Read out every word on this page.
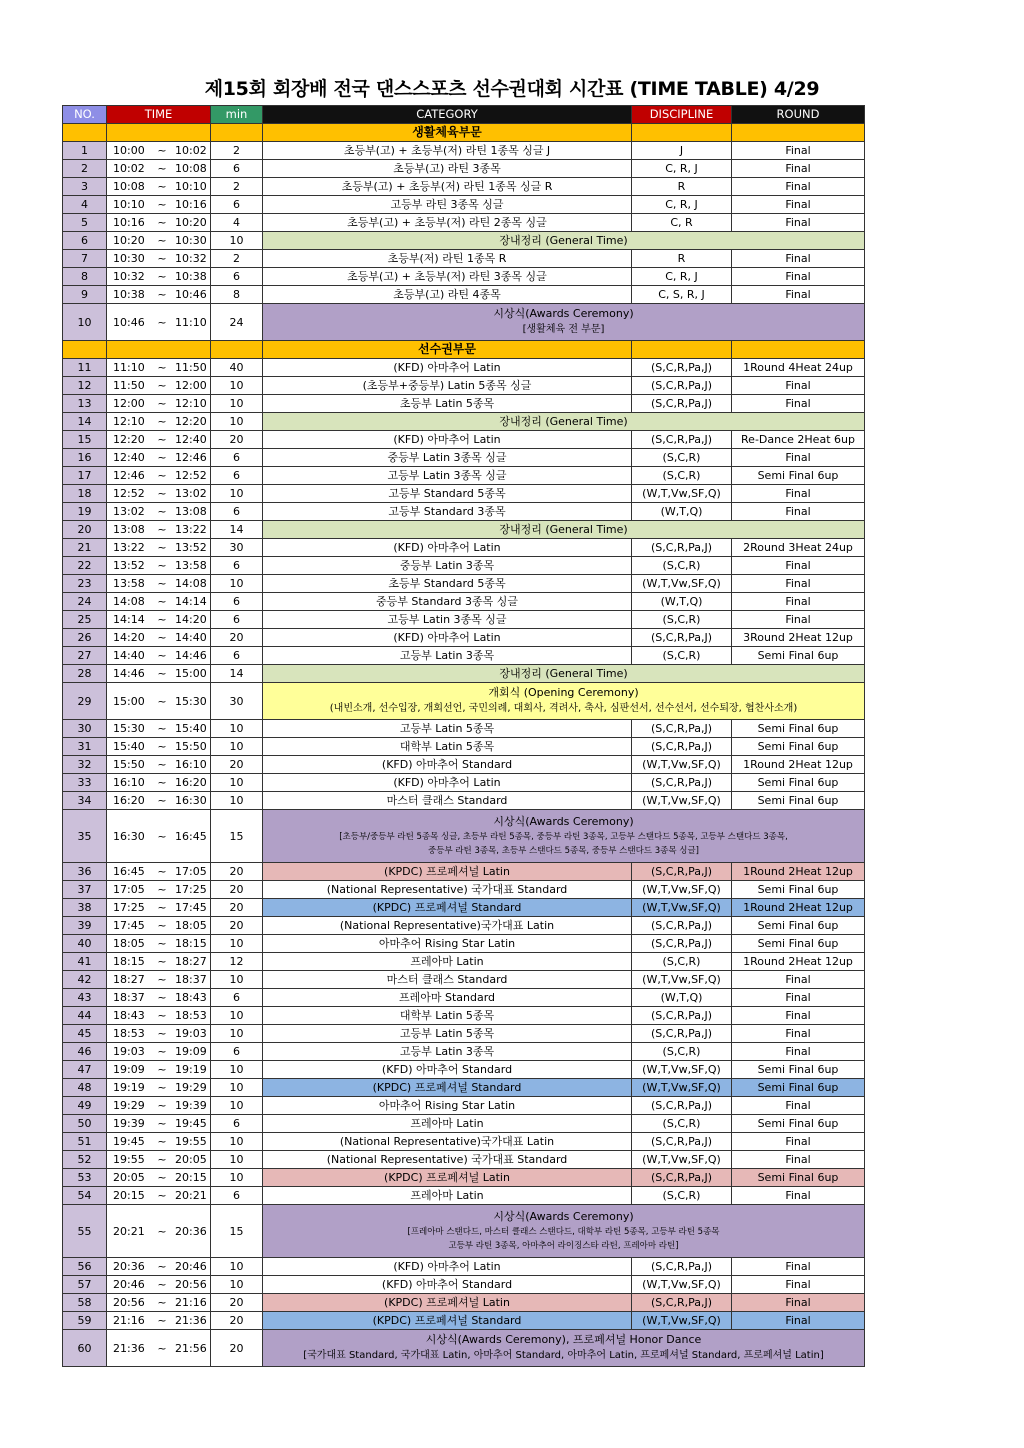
제15회 회장배 전국 댄스스포츠 선수권대회 시간표 (TIME TABLE) 4/29
NO.	TIME	min	CATEGORY	DISCIPLINE	ROUND
			생활체육부문		
1	10:00 ~ 10:02	2	초등부(고) + 초등부(저) 라틴 1종목 싱글 J	J	Final
2	10:02 ~ 10:08	6	초등부(고) 라틴 3종목	C, R, J	Final
3	10:08 ~ 10:10	2	초등부(고) + 초등부(저) 라틴 1종목 싱글 R	R	Final
4	10:10 ~ 10:16	6	고등부 라틴 3종목 싱글	C, R, J	Final
5	10:16 ~ 10:20	4	초등부(고) + 초등부(저) 라틴 2종목 싱글	C, R	Final
6	10:20 ~ 10:30	10	장내정리 (General Time)		

7	10:30 ~ 10:32	2	초등부(저) 라틴 1종목 R	R	Final
8	10:32 ~ 10:38	6	초등부(고) + 초등부(저) 라틴 3종목 싱글	C, R, J	Final
9	10:38 ~ 10:46	8	초등부(고) 라틴 4종목	C, S, R, J	Final
10	10:46 ~ 11:10	24	시상식(Awards Ceremony)
[생활체육 전 부문]		

			선수권부문		
11	11:10 ~ 11:50	40	(KFD) 아마추어 Latin	(S,C,R,Pa,J)	1Round 4Heat 24up
12	11:50 ~ 12:00	10	(초등부+중등부) Latin 5종목 싱글	(S,C,R,Pa,J)	Final
13	12:00 ~ 12:10	10	초등부 Latin 5종목	(S,C,R,Pa,J)	Final
14	12:10 ~ 12:20	10	장내정리 (General Time)		

15	12:20 ~ 12:40	20	(KFD) 아마추어 Latin	(S,C,R,Pa,J)	Re-Dance 2Heat 6up
16	12:40 ~ 12:46	6	중등부 Latin 3종목 싱글	(S,C,R)	Final
17	12:46 ~ 12:52	6	고등부 Latin 3종목 싱글	(S,C,R)	Semi Final 6up
18	12:52 ~ 13:02	10	고등부 Standard 5종목	(W,T,Vw,SF,Q)	Final
19	13:02 ~ 13:08	6	고등부 Standard 3종목	(W,T,Q)	Final
20	13:08 ~ 13:22	14	장내정리 (General Time)		

21	13:22 ~ 13:52	30	(KFD) 아마추어 Latin	(S,C,R,Pa,J)	2Round 3Heat 24up
22	13:52 ~ 13:58	6	중등부 Latin 3종목	(S,C,R)	Final
23	13:58 ~ 14:08	10	초등부 Standard 5종목	(W,T,Vw,SF,Q)	Final
24	14:08 ~ 14:14	6	중등부 Standard 3종목 싱글	(W,T,Q)	Final
25	14:14 ~ 14:20	6	고등부 Latin 3종목 싱글	(S,C,R)	Final
26	14:20 ~ 14:40	20	(KFD) 아마추어 Latin	(S,C,R,Pa,J)	3Round 2Heat 12up
27	14:40 ~ 14:46	6	고등부 Latin 3종목	(S,C,R)	Semi Final 6up
28	14:46 ~ 15:00	14	장내정리 (General Time)		

29	15:00 ~ 15:30	30	개회식 (Opening Ceremony)
(내빈소개, 선수입장, 개회선언, 국민의례, 대회사, 격려사, 축사, 심판선서, 선수선서, 선수퇴장, 협찬사소개)		

30	15:30 ~ 15:40	10	고등부 Latin 5종목	(S,C,R,Pa,J)	Semi Final 6up
31	15:40 ~ 15:50	10	대학부 Latin 5종목	(S,C,R,Pa,J)	Semi Final 6up
32	15:50 ~ 16:10	20	(KFD) 아마추어 Standard	(W,T,Vw,SF,Q)	1Round 2Heat 12up
33	16:10 ~ 16:20	10	(KFD) 아마추어 Latin	(S,C,R,Pa,J)	Semi Final 6up
34	16:20 ~ 16:30	10	마스터 클래스 Standard	(W,T,Vw,SF,Q)	Semi Final 6up
35	16:30 ~ 16:45	15	시상식(Awards Ceremony)
[초등부/중등부 라틴 5종목 싱글, 초등부 라틴 5종목, 중등부 라틴 3종목, 고등부 스탠다드 5종목, 고등부 스탠다드 3종목,
중등부 라틴 3종목, 초등부 스탠다드 5종목, 중등부 스탠다드 3종목 싱글]		

36	16:45 ~ 17:05	20	(KPDC) 프로페셔널 Latin	(S,C,R,Pa,J)	1Round 2Heat 12up
37	17:05 ~ 17:25	20	(National Representative) 국가대표 Standard	(W,T,Vw,SF,Q)	Semi Final 6up
38	17:25 ~ 17:45	20	(KPDC) 프로페셔널 Standard	(W,T,Vw,SF,Q)	1Round 2Heat 12up
39	17:45 ~ 18:05	20	(National Representative)국가대표 Latin	(S,C,R,Pa,J)	Semi Final 6up
40	18:05 ~ 18:15	10	아마추어 Rising Star Latin	(S,C,R,Pa,J)	Semi Final 6up
41	18:15 ~ 18:27	12	프레아마 Latin	(S,C,R)	1Round 2Heat 12up
42	18:27 ~ 18:37	10	마스터 클래스 Standard	(W,T,Vw,SF,Q)	Final
43	18:37 ~ 18:43	6	프레아마 Standard	(W,T,Q)	Final
44	18:43 ~ 18:53	10	대학부 Latin 5종목	(S,C,R,Pa,J)	Final
45	18:53 ~ 19:03	10	고등부 Latin 5종목	(S,C,R,Pa,J)	Final
46	19:03 ~ 19:09	6	고등부 Latin 3종목	(S,C,R)	Final
47	19:09 ~ 19:19	10	(KFD) 아마추어 Standard	(W,T,Vw,SF,Q)	Semi Final 6up
48	19:19 ~ 19:29	10	(KPDC) 프로페셔널 Standard	(W,T,Vw,SF,Q)	Semi Final 6up
49	19:29 ~ 19:39	10	아마추어 Rising Star Latin	(S,C,R,Pa,J)	Final
50	19:39 ~ 19:45	6	프레아마 Latin	(S,C,R)	Semi Final 6up
51	19:45 ~ 19:55	10	(National Representative)국가대표 Latin	(S,C,R,Pa,J)	Final
52	19:55 ~ 20:05	10	(National Representative) 국가대표 Standard	(W,T,Vw,SF,Q)	Final
53	20:05 ~ 20:15	10	(KPDC) 프로페셔널 Latin	(S,C,R,Pa,J)	Semi Final 6up
54	20:15 ~ 20:21	6	프레아마 Latin	(S,C,R)	Final
55	20:21 ~ 20:36	15	시상식(Awards Ceremony)
[프레아마 스탠다드, 마스터 클래스 스탠다드, 대학부 라틴 5종목, 고등부 라틴 5종목
고등부 라틴 3종목, 아마추어 라이징스타 라틴, 프레아마 라틴]		

56	20:36 ~ 20:46	10	(KFD) 아마추어 Latin	(S,C,R,Pa,J)	Final
57	20:46 ~ 20:56	10	(KFD) 아마추어 Standard	(W,T,Vw,SF,Q)	Final
58	20:56 ~ 21:16	20	(KPDC) 프로페셔널 Latin	(S,C,R,Pa,J)	Final
59	21:16 ~ 21:36	20	(KPDC) 프로페셔널 Standard	(W,T,Vw,SF,Q)	Final
60	21:36 ~ 21:56	20	시상식(Awards Ceremony), 프로페셔널 Honor Dance
[국가대표 Standard, 국가대표 Latin, 아마추어 Standard, 아마추어 Latin, 프로페셔널 Standard, 프로페셔널 Latin]		
